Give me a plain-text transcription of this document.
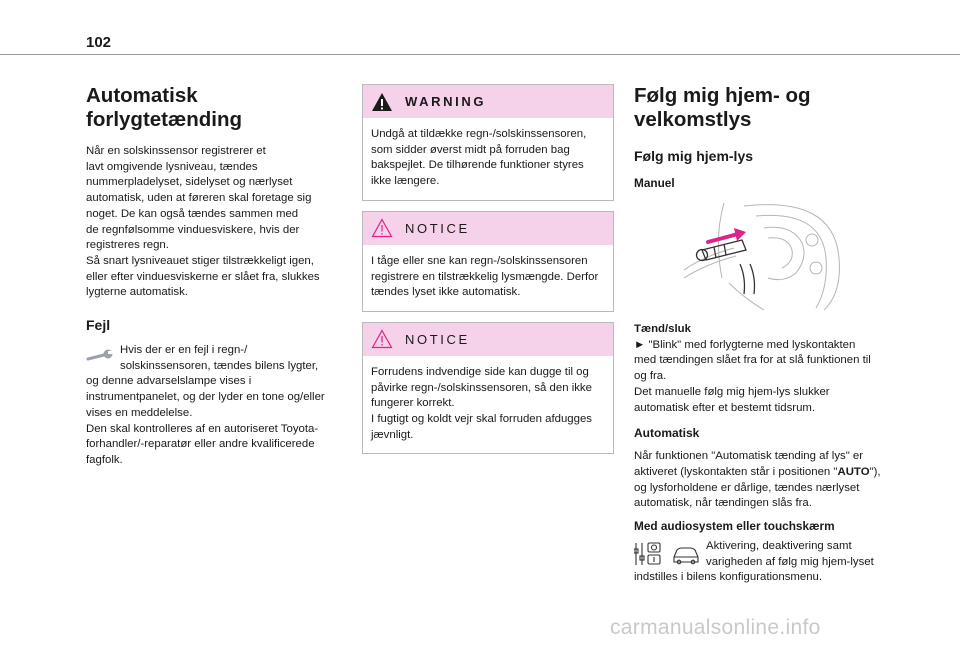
102
Automatisk forlygtetænding

Når en solskinssensor registrerer et
lavt omgivende lysniveau, tændes
nummerpladelyset, sidelyset og nærlyset
automatisk, uden at føreren skal foretage sig
noget. De kan også tændes sammen med
de regnfølsomme vinduesviskere, hvis der
registreres regn.
Så snart lysniveauet stiger tilstrækkeligt igen,
eller efter vinduesviskerne er slået fra, slukkes
lygterne automatisk.

Fejl

Hvis der er en fejl i regn-/
solskinssensoren, tændes bilens lygter,
og denne advarselslampe vises i
instrumentpanelet, og der lyder en tone og/eller
vises en meddelelse.
Den skal kontrolleres af en autoriseret Toyota-
forhandler/-reparatør eller andre kvalificerede
fagfolk.

WARNING

Undgå at tildække regn-/solskinssensoren,
som sidder øverst midt på forruden bag
bakspejlet. De tilhørende funktioner styres
ikke længere.

NOTICE

I tåge eller sne kan regn-/solskinssensoren
registrere en tilstrækkelig lysmængde. Derfor
tændes lyset ikke automatisk.

NOTICE

Forrudens indvendige side kan dugge til og
påvirke regn-/solskinssensoren, så den ikke
fungerer korrekt.
I fugtigt og koldt vejr skal forruden afdugges
jævnligt.

Følg mig hjem- og
velkomstlys
Følg mig hjem-lys
Manuel
Tænd/sluk

► "Blink" med forlygterne med lyskontakten
med tændingen slået fra for at slå funktionen til
og fra.
Det manuelle følg mig hjem-lys slukker
automatisk efter et bestemt tidsrum.

Automatisk

Når funktionen "Automatisk tænding af lys" er
aktiveret (lyskontakten står i positionen "AUTO"),
og lysforholdene er dårlige, tændes nærlyset
automatisk, når tændingen slås fra.

Med audiosystem eller touchskærm

Aktivering, deaktivering samt
varigheden af følg mig hjem-lyset
indstilles i bilens konfigurationsmenu.

carmanualsonline.info
